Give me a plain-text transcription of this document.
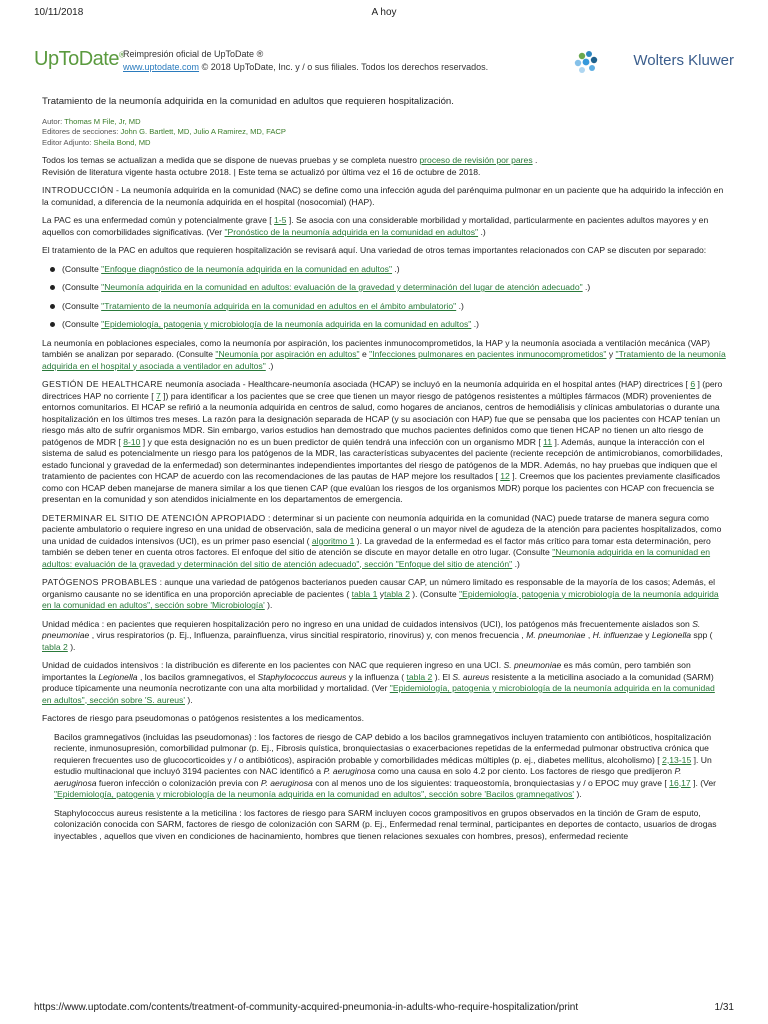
10/11/2018	A hoy
UpToDate®
Reimpresión oficial de UpToDate ®
www.uptodate.com © 2018 UpToDate, Inc. y / o sus filiales. Todos los derechos reservados.	Wolters Kluwer

Tratamiento de la neumonía adquirida en la comunidad en adultos que requieren hospitalización.

Autor: Thomas M File, Jr, MD
Editores de secciones: John G. Bartlett, MD, Julio A Ramirez, MD, FACP
Editor Adjunto: Sheila Bond, MD

Todos los temas se actualizan a medida que se dispone de nuevas pruebas y se completa nuestro proceso de revisión por pares .
Revisión de literatura vigente hasta octubre 2018. | Este tema se actualizó por última vez el 16 de octubre de 2018.

INTRODUCCIÓN - La neumonía adquirida en la comunidad (NAC) se define como una infección aguda del parénquima pulmonar en un paciente que ha adquirido la infección en la comunidad, a diferencia de la neumonía adquirida en el hospital (nosocomial) (HAP).

La PAC es una enfermedad común y potencialmente grave [ 1-5 ]. Se asocia con una considerable morbilidad y mortalidad, particularmente en pacientes adultos mayores y en aquellos con comorbilidades significativas. (Ver "Pronóstico de la neumonía adquirida en la comunidad en adultos" .)

El tratamiento de la PAC en adultos que requieren hospitalización se revisará aquí. Una variedad de otros temas importantes relacionados con CAP se discuten por separado:

(Consulte "Enfoque diagnóstico de la neumonía adquirida en la comunidad en adultos" .)
(Consulte "Neumonía adquirida en la comunidad en adultos: evaluación de la gravedad y determinación del lugar de atención adecuado" .)
(Consulte "Tratamiento de la neumonía adquirida en la comunidad en adultos en el ámbito ambulatorio" .)
(Consulte "Epidemiología, patogenia y microbiología de la neumonía adquirida en la comunidad en adultos" .)

La neumonía en poblaciones especiales, como la neumonía por aspiración, los pacientes inmunocomprometidos, la HAP y la neumonía asociada a ventilación mecánica (VAP) también se analizan por separado. (Consulte "Neumonía por aspiración en adultos" e "Infecciones pulmonares en pacientes inmunocomprometidos" y "Tratamiento de la neumonía adquirida en el hospital y asociada a ventilador en adultos" .)

GESTIÓN DE HEALTHCARE neumonía asociada - Healthcare-neumonía asociada (HCAP) se incluyó en la neumonía adquirida en el hospital antes (HAP) directrices [ 6 ] (pero directrices HAP no corriente [ 7 ]) para identificar a los pacientes que se cree que tienen un mayor riesgo de patógenos resistentes a múltiples fármacos (MDR) provenientes de entornos comunitarios. El HCAP se refirió a la neumonía adquirida en centros de salud, como hogares de ancianos, centros de hemodiálisis y clínicas ambulatorias o durante una hospitalización en los últimos tres meses. La razón para la designación separada de HCAP (y su asociación con HAP) fue que se pensaba que los pacientes con HCAP tenían un riesgo más alto de sufrir organismos MDR. Sin embargo, varios estudios han demostrado que muchos pacientes definidos como que tienen HCAP no tienen un alto riesgo de patógenos de MDR [ 8-10 ] y que esta designación no es un buen predictor de quién tendrá una infección con un organismo MDR [ 11 ]. Además, aunque la interacción con el sistema de salud es potencialmente un riesgo para los patógenos de la MDR, las características subyacentes del paciente (reciente recepción de antimicrobianos, comorbilidades, estado funcional y gravedad de la enfermedad) son determinantes independientes importantes del riesgo de patógenos de la MDR. Además, no hay pruebas que indiquen que el tratamiento de pacientes con HCAP de acuerdo con las recomendaciones de las pautas de HAP mejore los resultados [ 12 ]. Creemos que los pacientes previamente clasificados como con HCAP deben manejarse de manera similar a los que tienen CAP (que evalúan los riesgos de los organismos MDR) porque los pacientes con HCAP con frecuencia se presentan en la comunidad y son atendidos inicialmente en los departamentos de emergencia.

DETERMINAR EL SITIO DE ATENCIÓN APROPIADO : determinar si un paciente con neumonía adquirida en la comunidad (NAC) puede tratarse de manera segura como paciente ambulatorio o requiere ingreso en una unidad de observación, sala de medicina general o un mayor nivel de agudeza de la atención para pacientes hospitalizados, como una unidad de cuidados intensivos (UCI), es un primer paso esencial ( algoritmo 1 ). La gravedad de la enfermedad es el factor más crítico para tomar esta determinación, pero también se deben tener en cuenta otros factores. El enfoque del sitio de atención se discute en mayor detalle en otro lugar. (Consulte "Neumonía adquirida en la comunidad en adultos: evaluación de la gravedad y determinación del sitio de atención adecuado", sección "Enfoque del sitio de atención" .)

PATÓGENOS PROBABLES : aunque una variedad de patógenos bacterianos pueden causar CAP, un número limitado es responsable de la mayoría de los casos; Además, el organismo causante no se identifica en una proporción apreciable de pacientes ( tabla 1 ytabla 2 ). (Consulte "Epidemiología, patogenia y microbiología de la neumonía adquirida en la comunidad en adultos", sección sobre 'Microbiología' ).

Unidad médica : en pacientes que requieren hospitalización pero no ingreso en una unidad de cuidados intensivos (UCI), los patógenos más frecuentemente aislados son S. pneumoniae , virus respiratorios (p. Ej., Influenza, parainfluenza, virus sincitial respiratorio, rinovirus) y, con menos frecuencia , M. pneumoniae , H. influenzae y Legionella spp ( tabla 2 ).

Unidad de cuidados intensivos : la distribución es diferente en los pacientes con NAC que requieren ingreso en una UCI. S. pneumoniae es más común, pero también son importantes la Legionella , los bacilos gramnegativos, el Staphylococcus aureus y la influenza ( tabla 2 ). El S. aureus resistente a la meticilina asociado a la comunidad (SARM) produce típicamente una neumonía necrotizante con una alta morbilidad y mortalidad. (Ver "Epidemiología, patogenia y microbiología de la neumonía adquirida en la comunidad en adultos", sección sobre 'S. aureus' ).

Factores de riesgo para pseudomonas o patógenos resistentes a los medicamentos.

Bacilos gramnegativos (incluidas las pseudomonas) : los factores de riesgo de CAP debido a los bacilos gramnegativos incluyen tratamiento con antibióticos, hospitalización reciente, inmunosupresión, comorbilidad pulmonar (p. Ej., Fibrosis quística, bronquiectasias o exacerbaciones repetidas de la enfermedad pulmonar obstructiva crónica que requieren frecuentes uso de glucocorticoides y / o antibióticos), aspiración probable y comorbilidades médicas múltiples (p. ej., diabetes mellitus, alcoholismo) [ 2,13-15 ]. Un estudio multinacional que incluyó 3194 pacientes con NAC identificó a P. aeruginosa como una causa en solo 4.2 por ciento. Los factores de riesgo que predijeron P. aeruginosa fueron infección o colonización previa con P. aeruginosa con al menos uno de los siguientes: traqueostomía, bronquiectasias y / o EPOC muy grave [ 16,17 ]. (Ver "Epidemiología, patogenia y microbiología de la neumonía adquirida en la comunidad en adultos", sección sobre 'Bacilos gramnegativos' ).

Staphylococcus aureus resistente a la meticilina : los factores de riesgo para SARM incluyen cocos grampositivos en grupos observados en la tinción de Gram de esputo, colonización conocida con SARM, factores de riesgo de colonización con SARM (p. Ej., Enfermedad renal terminal, participantes en deportes de contacto, usuarios de drogas inyectables , aquellos que viven en condiciones de hacinamiento, hombres que tienen relaciones sexuales con hombres, presos), enfermedad reciente

https://www.uptodate.com/contents/treatment-of-community-acquired-pneumonia-in-adults-who-require-hospitalization/print	1/31
